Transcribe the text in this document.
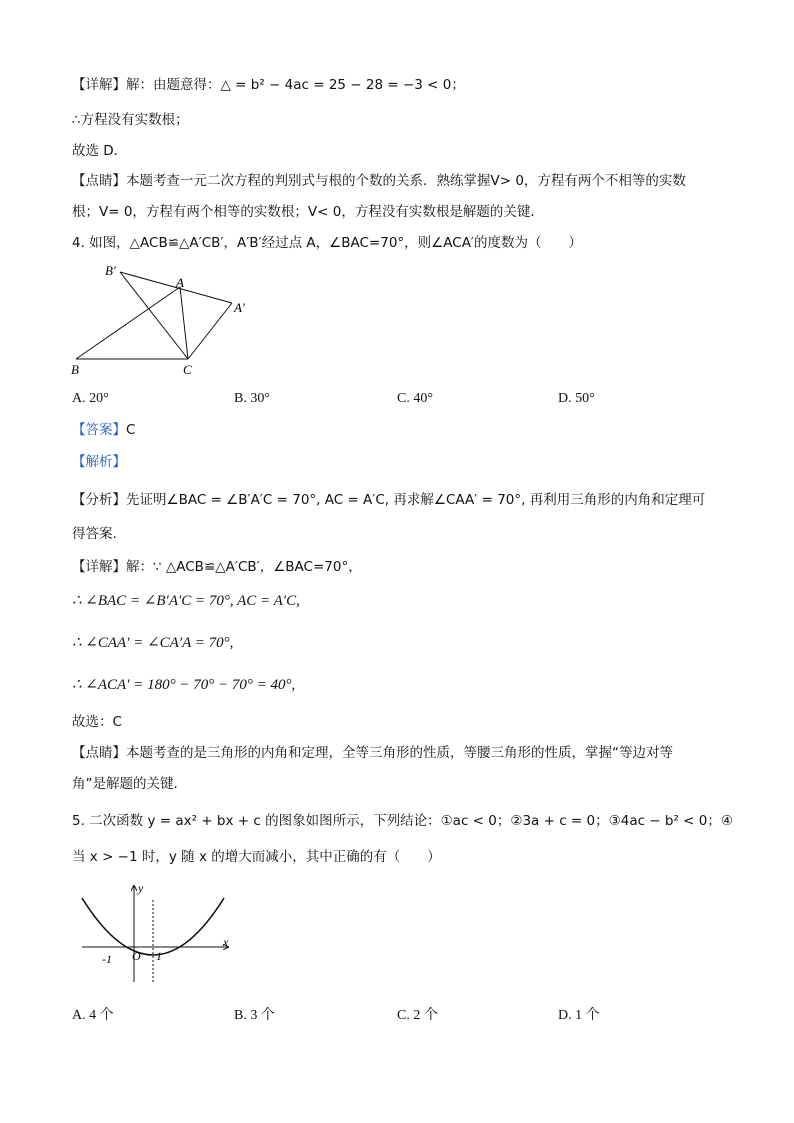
【详解】解：由题意得：△ = b² − 4ac = 25 − 28 = −3 < 0；
∴方程没有实数根；
故选 D．
【点睛】本题考查一元二次方程的判别式与根的个数的关系．熟练掌握V> 0，方程有两个不相等的实数
根；V= 0，方程有两个相等的实数根；V< 0，方程没有实数根是解题的关键．
4. 如图，△ACB≌△A′CB′，A′B′经过点 A，∠BAC=70°，则∠ACA′的度数为（　　）
B′
A
A′
B	C
A. 20°	B. 30°	C. 40°	D. 50°
【答案】C
【解析】
【分析】先证明∠BAC = ∠B′A′C = 70°, AC = A′C, 再求解∠CAA′ = 70°, 再利用三角形的内角和定理可
得答案.
【详解】解：∵ △ACB≌△A′CB′，∠BAC=70°，
∴ ∠BAC = ∠B′A′C = 70°, AC = A′C,
∴ ∠CAA′ = ∠CA′A = 70°,
∴ ∠ACA′ = 180° − 70° − 70° = 40°,
故选：C
【点睛】本题考查的是三角形的内角和定理，全等三角形的性质，等腰三角形的性质，掌握“等边对等
角”是解题的关键.
5. 二次函数 y = ax² + bx + c 的图象如图所示，下列结论：①ac < 0；②3a + c = 0；③4ac − b² < 0；④
当 x > −1 时，y 随 x 的增大而减小，其中正确的有（　　）
y
x
O
-1	1
A. 4 个	B. 3 个	C. 2 个	D. 1 个
